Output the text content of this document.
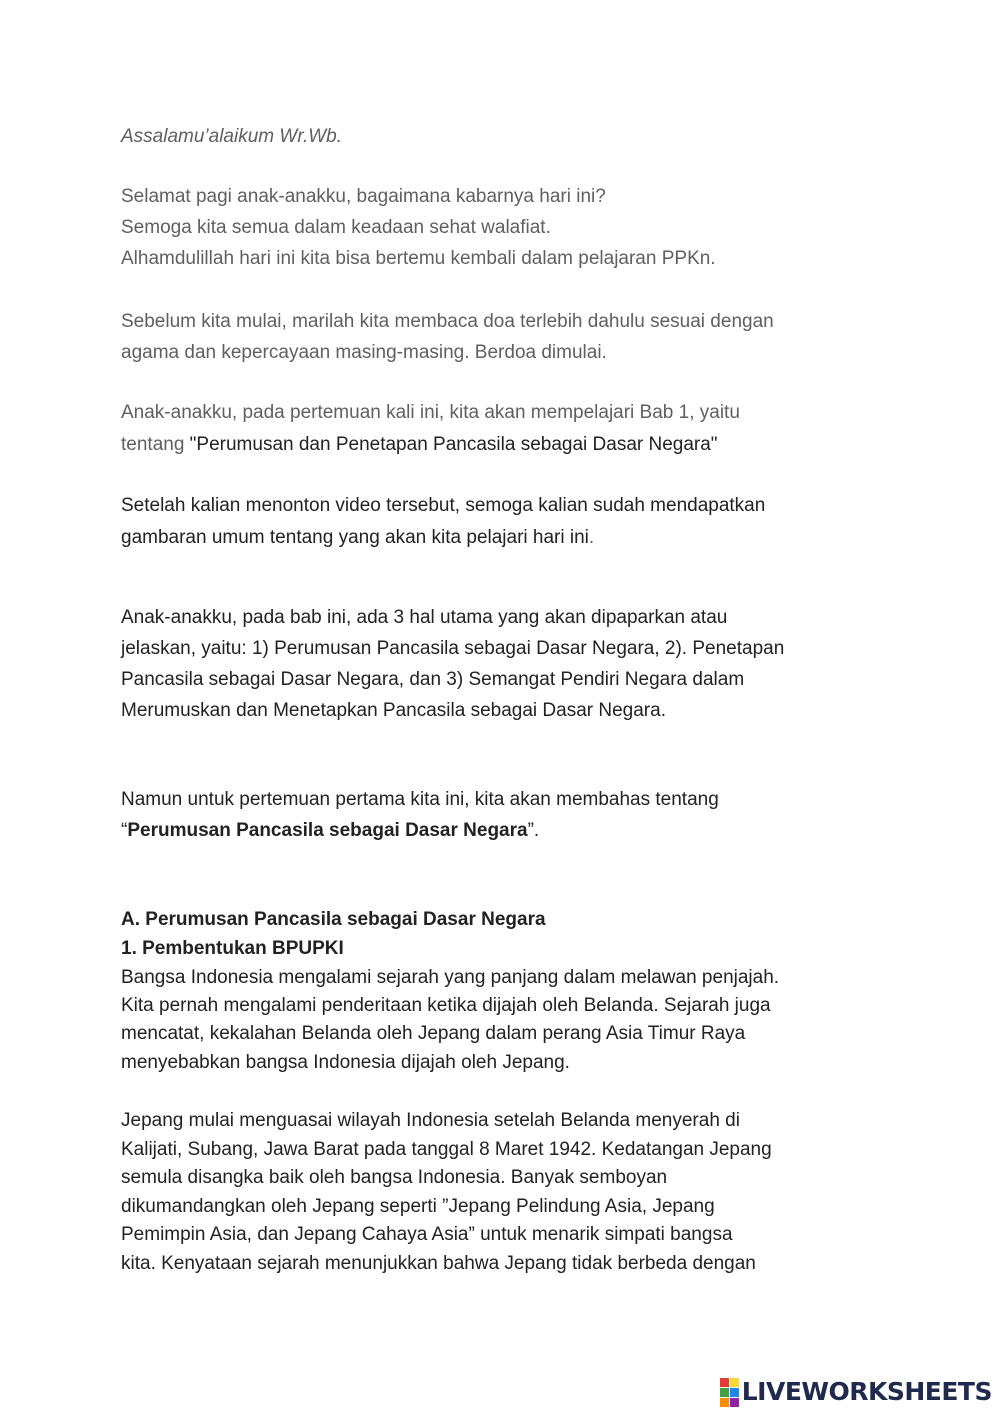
Assalamu’alaikum Wr.Wb.

Selamat pagi anak-anakku, bagaimana kabarnya hari ini?

Semoga kita semua dalam keadaan sehat walafiat.

Alhamdulillah hari ini kita bisa bertemu kembali dalam pelajaran PPKn.

Sebelum kita mulai, marilah kita membaca doa terlebih dahulu sesuai dengan

agama dan kepercayaan masing-masing. Berdoa dimulai.

Anak-anakku, pada pertemuan kali ini, kita akan mempelajari Bab 1, yaitu

tentang "Perumusan dan Penetapan Pancasila sebagai Dasar Negara"

Setelah kalian menonton video tersebut, semoga kalian sudah mendapatkan

gambaran umum tentang yang akan kita pelajari hari ini.

Anak-anakku, pada bab ini, ada 3 hal utama yang akan dipaparkan atau

jelaskan, yaitu: 1) Perumusan Pancasila sebagai Dasar Negara, 2). Penetapan

Pancasila sebagai Dasar Negara, dan 3) Semangat Pendiri Negara dalam

Merumuskan dan Menetapkan Pancasila sebagai Dasar Negara.

Namun untuk pertemuan pertama kita ini, kita akan membahas tentang

“Perumusan Pancasila sebagai Dasar Negara”.

A. Perumusan Pancasila sebagai Dasar Negara

1. Pembentukan BPUPKI

Bangsa Indonesia mengalami sejarah yang panjang dalam melawan penjajah.

Kita pernah mengalami penderitaan ketika dijajah oleh Belanda. Sejarah juga

mencatat, kekalahan Belanda oleh Jepang dalam perang Asia Timur Raya

menyebabkan bangsa Indonesia dijajah oleh Jepang.

Jepang mulai menguasai wilayah Indonesia setelah Belanda menyerah di

Kalijati, Subang, Jawa Barat pada tanggal 8 Maret 1942. Kedatangan Jepang

semula disangka baik oleh bangsa Indonesia. Banyak semboyan

dikumandangkan oleh Jepang seperti ”Jepang Pelindung Asia, Jepang

Pemimpin Asia, dan Jepang Cahaya Asia” untuk menarik simpati bangsa

kita. Kenyataan sejarah menunjukkan bahwa Jepang tidak berbeda dengan

LIVEWORKSHEETS
